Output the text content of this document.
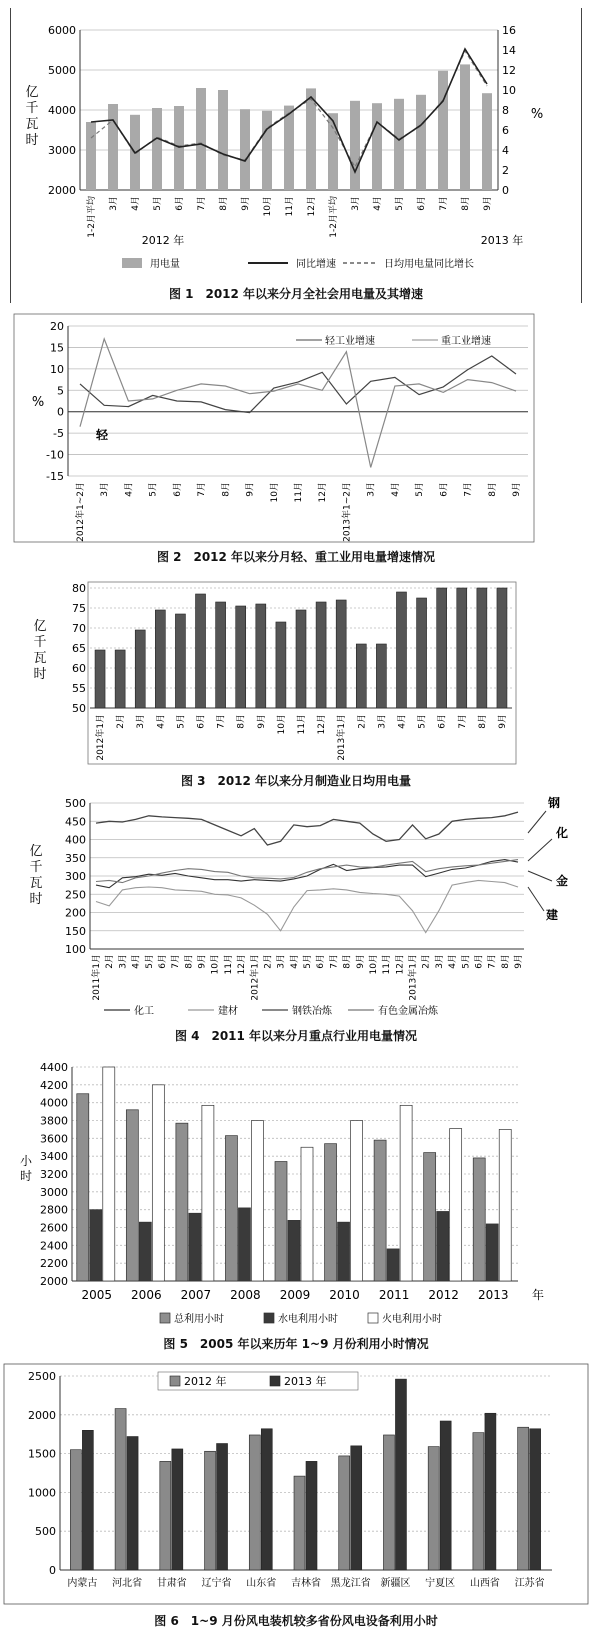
2000
3000
4000
5000
6000
0
2
4
6
8
10
12
14
16
亿
千
瓦
时
%
1-2月平均 3月 4月 5月 6月 7月 8月 9月 10月 11月 12月 1-2月平均 3月 4月 5月 6月 7月 8月 9月
2012 年	2013 年
用电量	同比增速	日均用电量同比增长
图 1　2012 年以来分月全社会用电量及其增速
-15
-10
-5
0
5
10
15
20
%
2012年1~2月 3月 4月 5月 6月 7月 8月 9月 10月 11月 12月 2013年1~2月 3月 4月 5月 6月 7月 8月 9月
轻工业增速	重工业增速
轻
图 2　2012 年以来分月轻、重工业用电量增速情况
50
55
60
65
70
75
80
亿
千
瓦
时
2012年1月 2月 3月 4月 5月 6月 7月 8月 9月 10月 11月 12月 2013年1月 2月 3月 4月 5月 6月 7月 8月 9月
图 3　2012 年以来分月制造业日均用电量
100
150
200
250
300
350
400
450
500
亿
千
瓦
时
2011年1月 2月 3月 4月 5月 6月 7月 8月 9月 10月 11月 12月 2012年1月 2月 3月 4月 5月 6月 7月 8月 9月 10月 11月 12月 2013年1月 2月 3月 4月 5月 6月 7月 8月 9月
钢
化
金
建
化工	建材	钢铁冶炼	有色金属冶炼
图 4　2011 年以来分月重点行业用电量情况
2000
2200
2400
2600
2800
3000
3200
3400
3600
3800
4000
4200
4400
小
时
2005 2006 2007 2008 2009 2010 2011 2012 2013 年
总利用小时	水电利用小时	火电利用小时
图 5　2005 年以来历年 1~9 月份利用小时情况
0
500
1000
1500
2000
2500
内蒙古 河北省 甘肃省 辽宁省 山东省 吉林省 黑龙江省 新疆区 宁夏区 山西省 江苏省
2012 年	2013 年
图 6　1~9 月份风电装机较多省份风电设备利用小时
